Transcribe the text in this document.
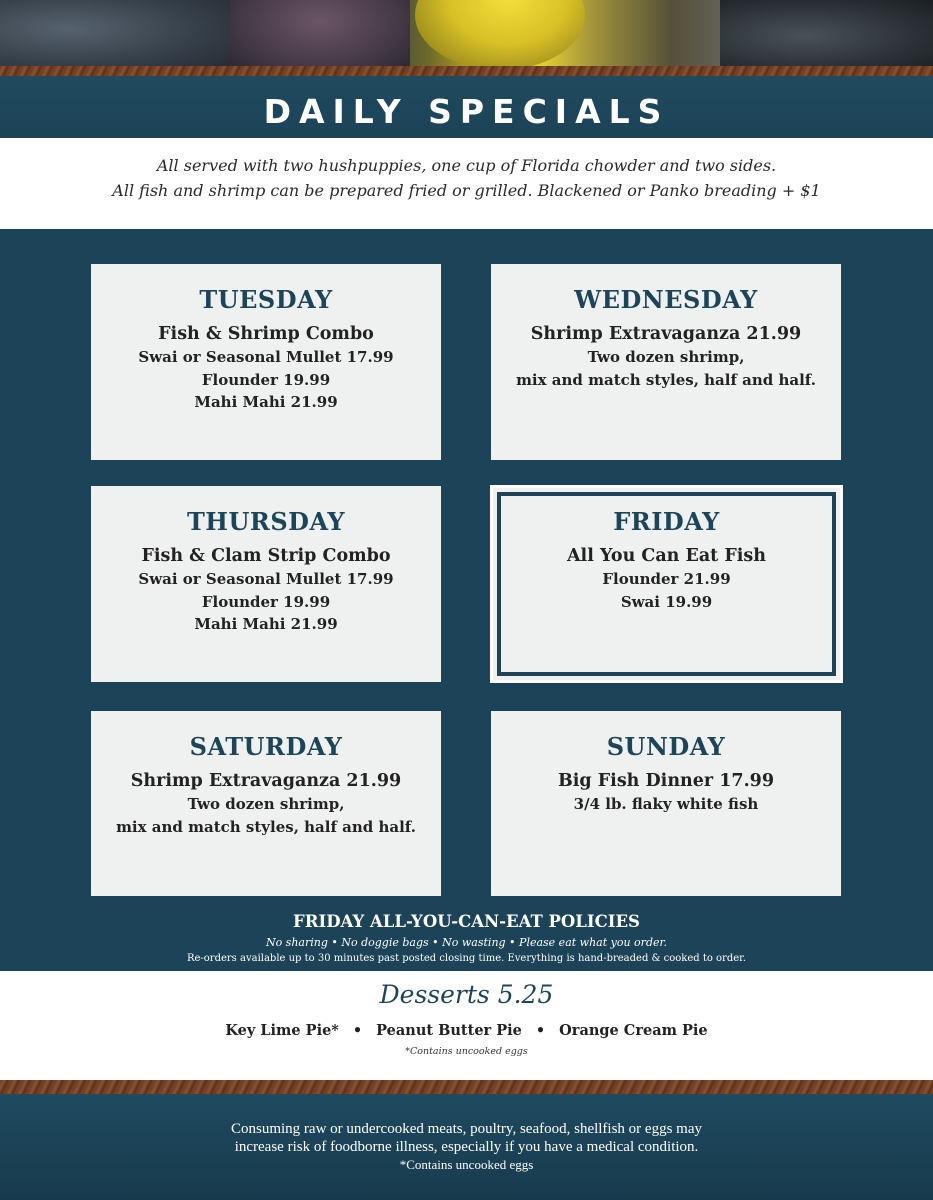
DAILY SPECIALS
All served with two hushpuppies, one cup of Florida chowder and two sides.
All fish and shrimp can be prepared fried or grilled. Blackened or Panko breading + $1
TUESDAY
Fish & Shrimp Combo
Swai or Seasonal Mullet 17.99
Flounder 19.99
Mahi Mahi 21.99
WEDNESDAY
Shrimp Extravaganza 21.99
Two dozen shrimp,
mix and match styles, half and half.
THURSDAY
Fish & Clam Strip Combo
Swai or Seasonal Mullet 17.99
Flounder 19.99
Mahi Mahi 21.99
FRIDAY
All You Can Eat Fish
Flounder 21.99
Swai 19.99
SATURDAY
Shrimp Extravaganza 21.99
Two dozen shrimp,
mix and match styles, half and half.
SUNDAY
Big Fish Dinner 17.99
3/4 lb. flaky white fish
FRIDAY ALL-YOU-CAN-EAT POLICIES
No sharing • No doggie bags • No wasting • Please eat what you order.
Re-orders available up to 30 minutes past posted closing time. Everything is hand-breaded & cooked to order.
Desserts 5.25
Key Lime Pie* • Peanut Butter Pie • Orange Cream Pie
*Contains uncooked eggs
Consuming raw or undercooked meats, poultry, seafood, shellfish or eggs may
increase risk of foodborne illness, especially if you have a medical condition.
*Contains uncooked eggs
